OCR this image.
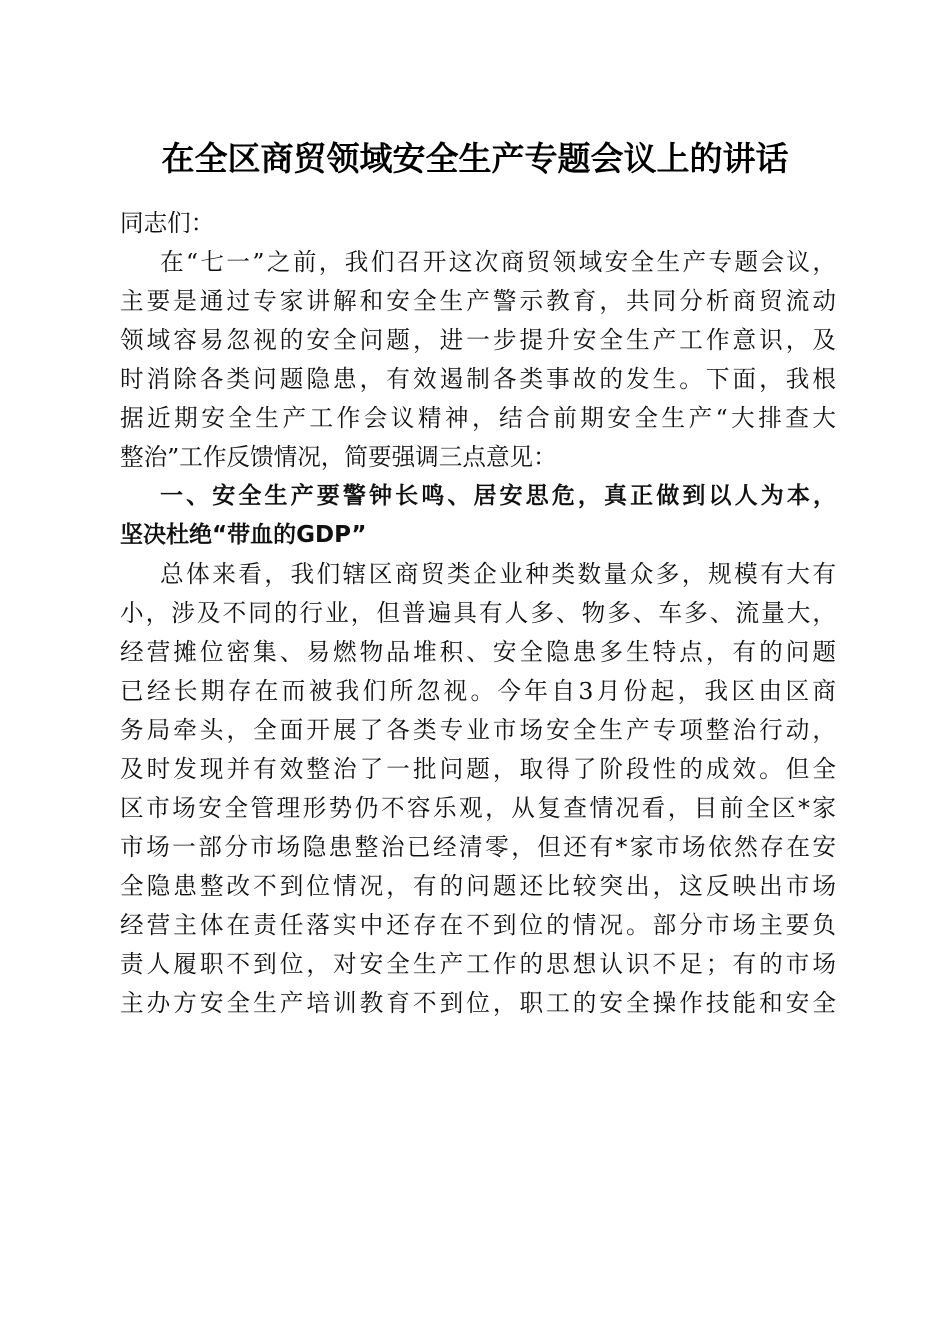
在全区商贸领域安全生产专题会议上的讲话

同志们：

在“七一”之前，我们召开这次商贸领域安全生产专题会议，
主要是通过专家讲解和安全生产警示教育，共同分析商贸流动
领域容易忽视的安全问题，进一步提升安全生产工作意识，及
时消除各类问题隐患，有效遏制各类事故的发生。下面，我根
据近期安全生产工作会议精神，结合前期安全生产“大排查大
整治”工作反馈情况，简要强调三点意见：

一、安全生产要警钟长鸣、居安思危，真正做到以人为本，
坚决杜绝“带血的GDP”

总体来看，我们辖区商贸类企业种类数量众多，规模有大有
小，涉及不同的行业，但普遍具有人多、物多、车多、流量大，
经营摊位密集、易燃物品堆积、安全隐患多生特点，有的问题
已经长期存在而被我们所忽视。今年自3月份起，我区由区商
务局牵头，全面开展了各类专业市场安全生产专项整治行动，
及时发现并有效整治了一批问题，取得了阶段性的成效。但全
区市场安全管理形势仍不容乐观，从复查情况看，目前全区*家
市场一部分市场隐患整治已经清零，但还有*家市场依然存在安
全隐患整改不到位情况，有的问题还比较突出，这反映出市场
经营主体在责任落实中还存在不到位的情况。部分市场主要负
责人履职不到位，对安全生产工作的思想认识不足；有的市场
主办方安全生产培训教育不到位，职工的安全操作技能和安全
